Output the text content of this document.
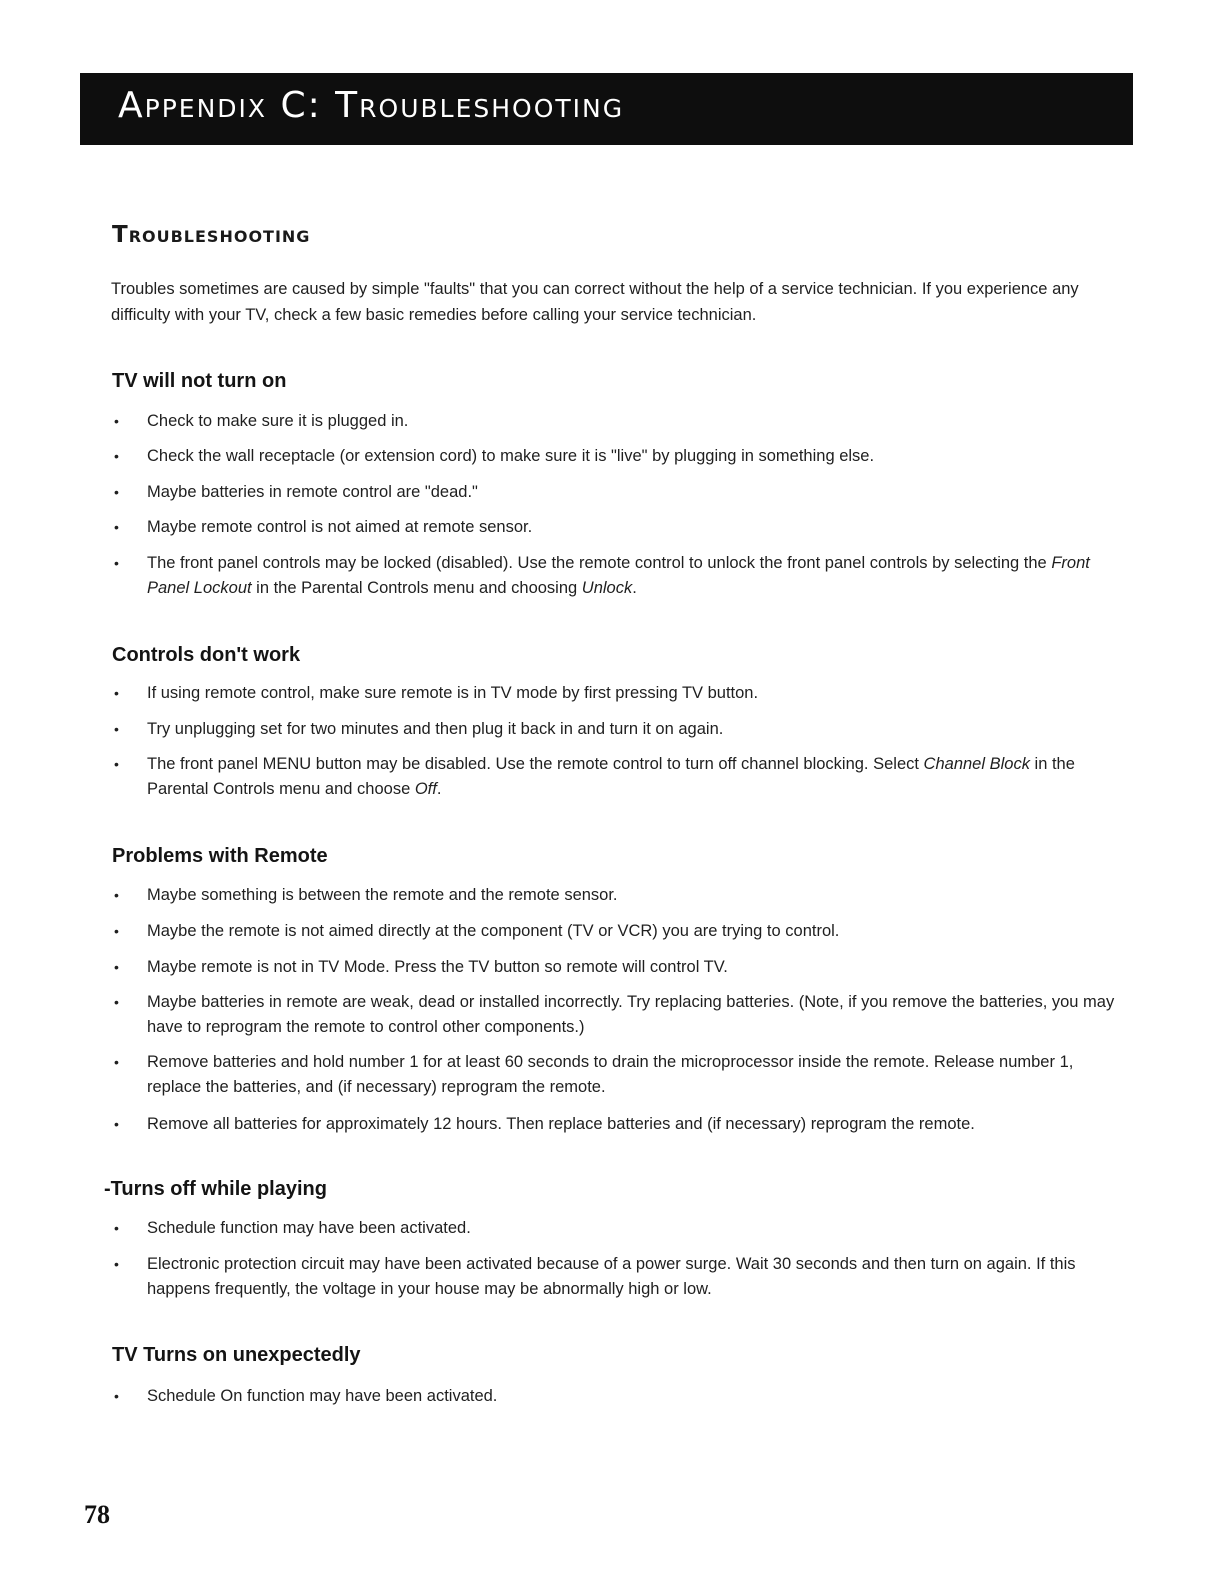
Appendix C: Troubleshooting
Troubleshooting
Troubles sometimes are caused by simple "faults" that you can correct without the help of a service technician. If you experience any difficulty with your TV, check a few basic remedies before calling your service technician.
TV will not turn on
•	Check to make sure it is plugged in.
•	Check the wall receptacle (or extension cord) to make sure it is "live" by plugging in something else.
•	Maybe batteries in remote control are "dead."
•	Maybe remote control is not aimed at remote sensor.
•	The front panel controls may be locked (disabled). Use the remote control to unlock the front panel controls by selecting the Front Panel Lockout in the Parental Controls menu and choosing Unlock.
Controls don't work
•	If using remote control, make sure remote is in TV mode by first pressing TV button.
•	Try unplugging set for two minutes and then plug it back in and turn it on again.
•	The front panel MENU button may be disabled. Use the remote control to turn off channel blocking. Select Channel Block in the Parental Controls menu and choose Off.
Problems with Remote
•	Maybe something is between the remote and the remote sensor.
•	Maybe the remote is not aimed directly at the component (TV or VCR) you are trying to control.
•	Maybe remote is not in TV Mode. Press the TV button so remote will control TV.
•	Maybe batteries in remote are weak, dead or installed incorrectly. Try replacing batteries. (Note, if you remove the batteries, you may have to reprogram the remote to control other components.)
•	Remove batteries and hold number 1 for at least 60 seconds to drain the microprocessor inside the remote. Release number 1, replace the batteries, and (if necessary) reprogram the remote.
•	Remove all batteries for approximately 12 hours. Then replace batteries and (if necessary) reprogram the remote.
-Turns off while playing
•	Schedule function may have been activated.
•	Electronic protection circuit may have been activated because of a power surge. Wait 30 seconds and then turn on again. If this happens frequently, the voltage in your house may be abnormally high or low.
TV Turns on unexpectedly
•	Schedule On function may have been activated.
78
